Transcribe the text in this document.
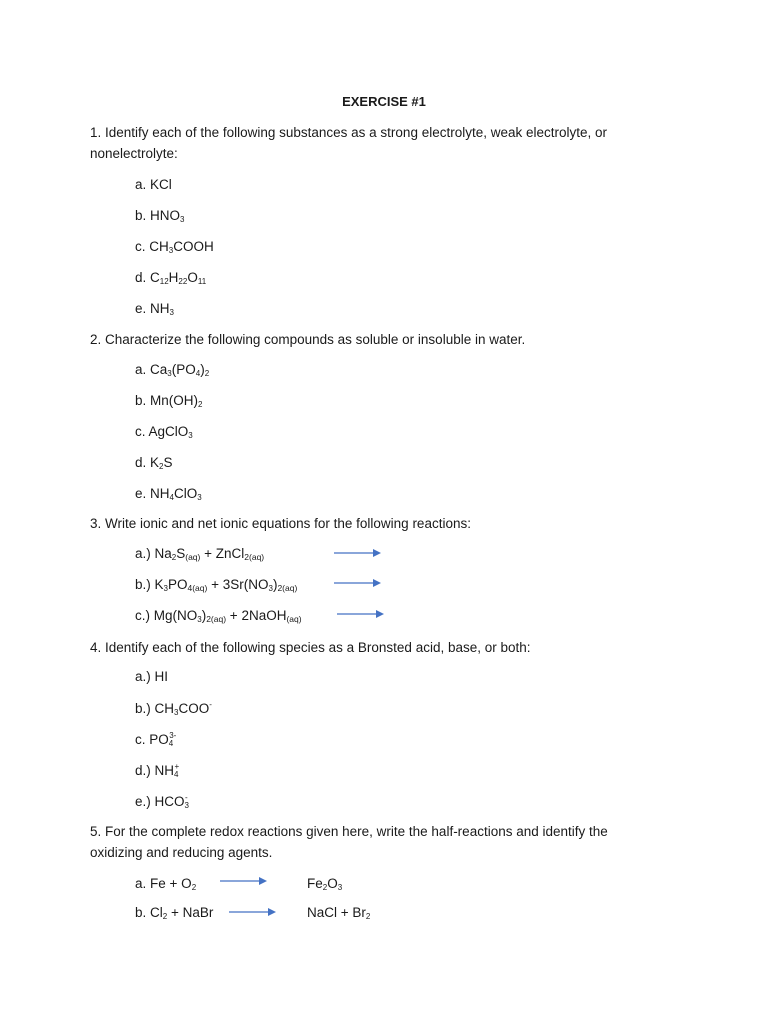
EXERCISE #1
1. Identify each of the following substances as a strong electrolyte, weak electrolyte, or nonelectrolyte:
a. KCl
b. $HNO_3$
c. $CH_3COOH$
d. $C_{12}H_{22}O_{11}$
e. $NH_3$
2. Characterize the following compounds as soluble or insoluble in water.
a. $Ca_3(PO_4)_2$
b. $Mn(OH)_2$
c. AgClO$_3$
d. $K_2S$
e. $NH_4ClO_3$
3. Write ionic and net ionic equations for the following reactions:
a.) $Na_2S(aq)$ + ZnCl2(aq)
b.) $K_3PO4(aq) + 3Sr(NO_3)2(aq)$
c.) $Mg(NO_3)2(aq)$ + 2NaOH(aq)
4. Identify each of the following species as a Bronsted acid, base, or both:
a.) HI
b.) $CH_3COO^-$
c. $PO_4^{3-}$
d.) $NH_4^+$
e.) $HCO_3^-$
5. For the complete redox reactions given here, write the half-reactions and identify the oxidizing and reducing agents.
a. $Fe + O_2$	$Fe_2O_3$
b. $Cl_2$ + NaBr → NaCl + $Br_2$
